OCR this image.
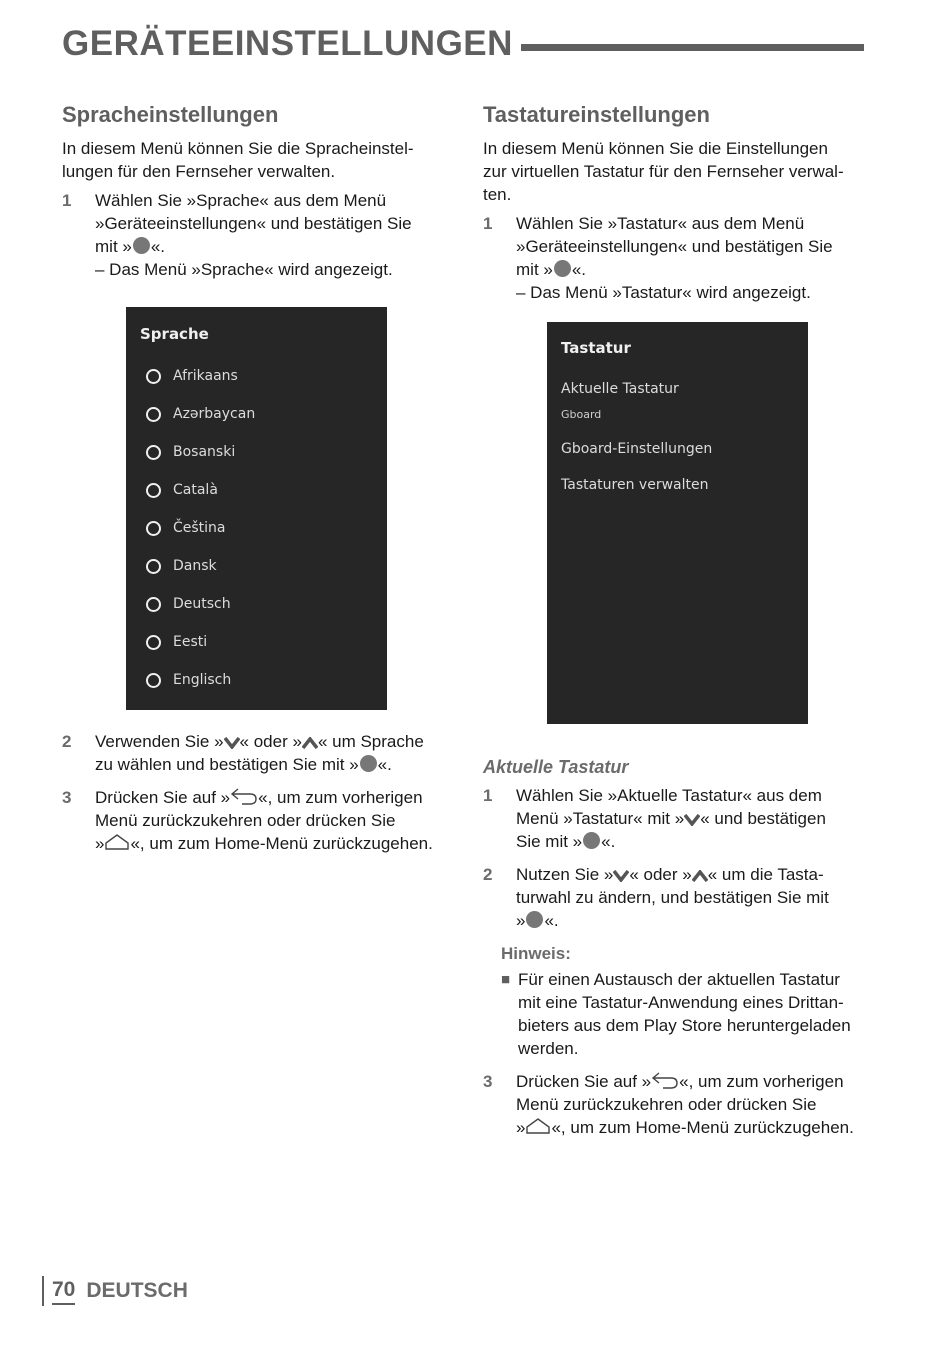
GERÄTEEINSTELLUNGEN
Spracheinstellungen

In diesem Menü können Sie die Spracheinstel-
lungen für den Fernseher verwalten.

1	Wählen Sie »Sprache« aus dem Menü
»Geräteeinstellungen« und bestätigen Sie
mit » «.
– Das Menü »Sprache« wird angezeigt.
Sprache
Afrikaans
Azərbaycan
Bosanski
Català
Čeština
Dansk
Deutsch
Eesti
Englisch
2	Verwenden Sie » « oder » « um Sprache
zu wählen und bestätigen Sie mit » «.
3	Drücken Sie auf » «, um zum vorherigen
Menü zurückzukehren oder drücken Sie
» «, um zum Home-Menü zurückzugehen.
Tastatureinstellungen

In diesem Menü können Sie die Einstellungen
zur virtuellen Tastatur für den Fernseher verwal-
ten.

1	Wählen Sie »Tastatur« aus dem Menü
»Geräteeinstellungen« und bestätigen Sie
mit » «.
– Das Menü »Tastatur« wird angezeigt.
Tastatur
Aktuelle Tastatur
Gboard
Gboard-Einstellungen
Tastaturen verwalten
Aktuelle Tastatur
1	Wählen Sie »Aktuelle Tastatur« aus dem
Menü »Tastatur« mit » « und bestätigen
Sie mit » «.
2	Nutzen Sie » « oder » « um die Tasta-
turwahl zu ändern, und bestätigen Sie mit
» «.
Hinweis:
■ Für einen Austausch der aktuellen Tastatur
mit eine Tastatur-Anwendung eines Drittan-
bieters aus dem Play Store heruntergeladen
werden.
3	Drücken Sie auf » «, um zum vorherigen
Menü zurückzukehren oder drücken Sie
» «, um zum Home-Menü zurückzugehen.
70 DEUTSCH
